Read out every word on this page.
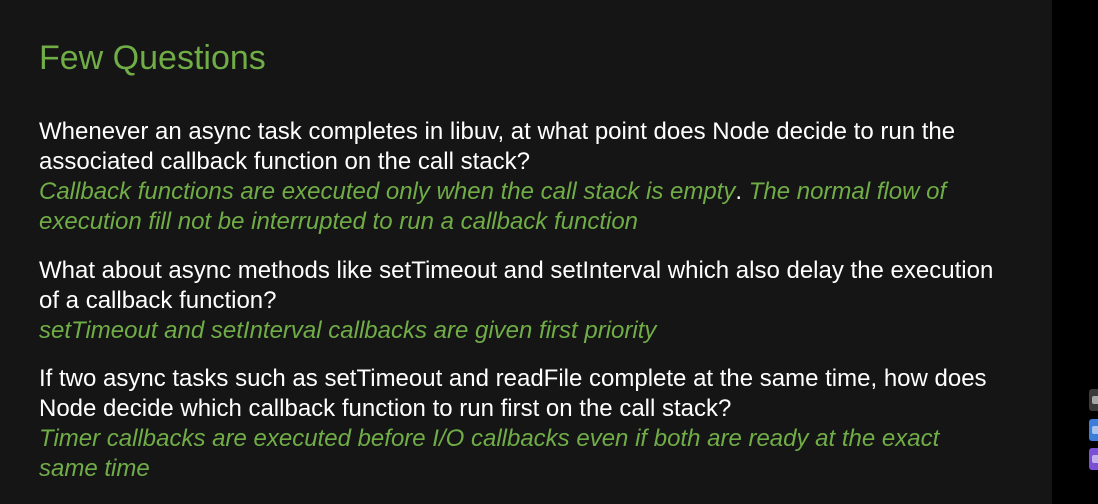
Few Questions

Whenever an async task completes in libuv, at what point does Node decide to run the associated callback function on the call stack?

Callback functions are executed only when the call stack is empty. The normal flow of execution fill not be interrupted to run a callback function

What about async methods like setTimeout and setInterval which also delay the execution of a callback function?

setTimeout and setInterval callbacks are given first priority

If two async tasks such as setTimeout and readFile complete at the same time, how does Node decide which callback function to run first on the call stack?

Timer callbacks are executed before I/O callbacks even if both are ready at the exact same time
